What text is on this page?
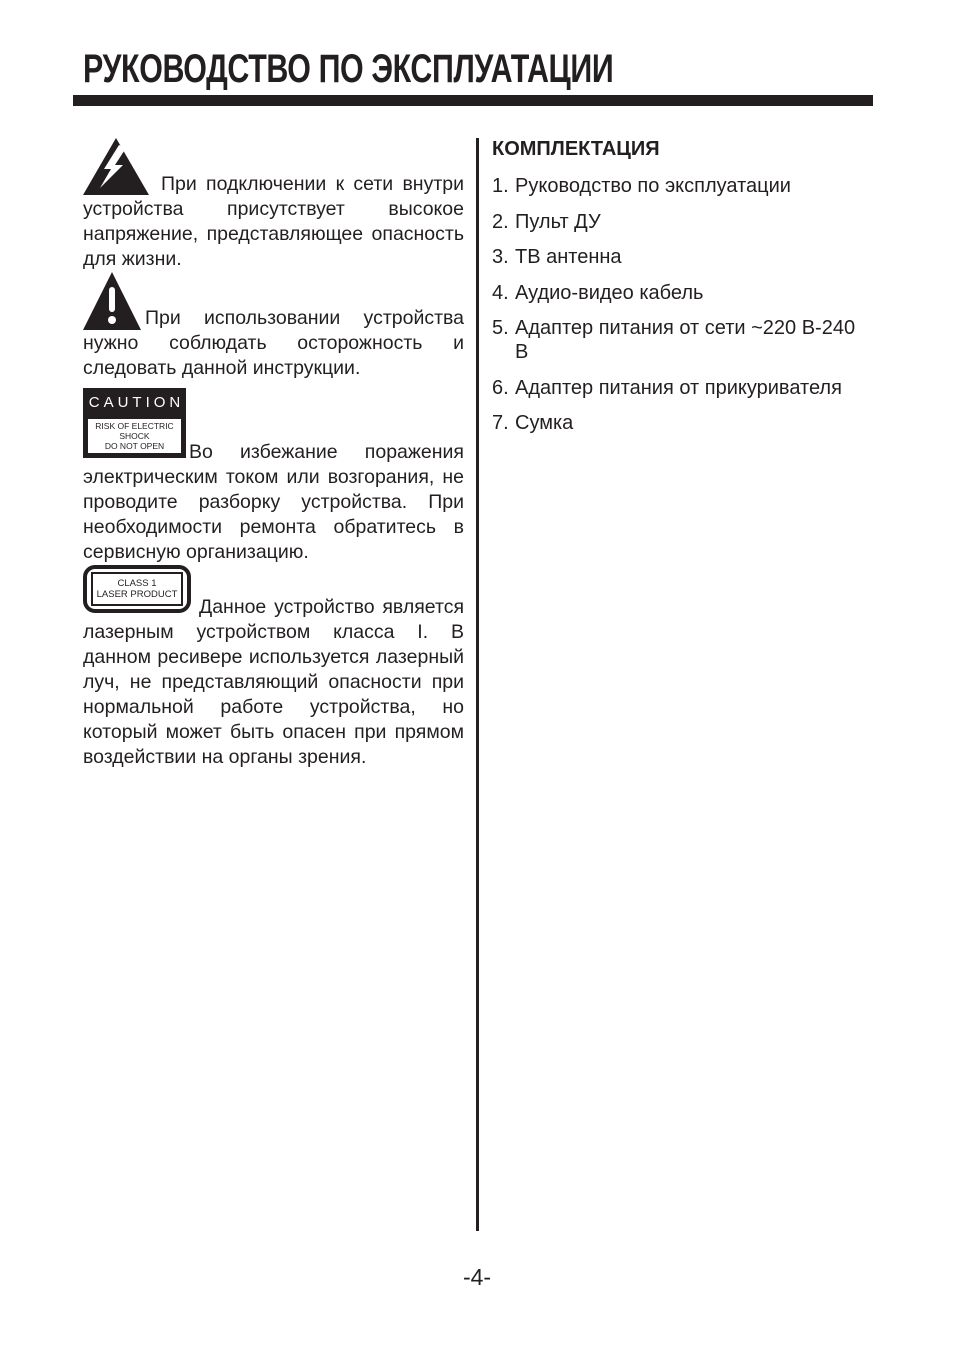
РУКОВОДСТВО ПО ЭКСПЛУАТАЦИИ

При подключении к сети внутри устройства присутствует высокое напряжение, представляющее опасность для жизни.

При использовании устройства нужно соблюдать осторожность и следовать данной инструкции.

CAUTION
RISK OF ELECTRIC SHOCK
DO NOT OPEN	Во избежание поражения электрическим током или возгорания, не проводите разборку устройства. При необходимости ремонта обратитесь в сервисную организацию.

CLASS 1
LASER PRODUCT

Данное устройство является лазерным устройством класса I. В данном ресивере используется лазерный луч, не представляющий опасности при нормальной работе устройства, но который может быть опасен при прямом воздействии на органы зрения.

КОМПЛЕКТАЦИЯ
1. Руководство по эксплуатации
2. Пульт ДУ
3. ТВ антенна
4. Аудио-видео кабель
5. Адаптер питания от сети ~220 В-240 В
6. Адаптер питания от прикуривателя
7. Сумка
-4-
